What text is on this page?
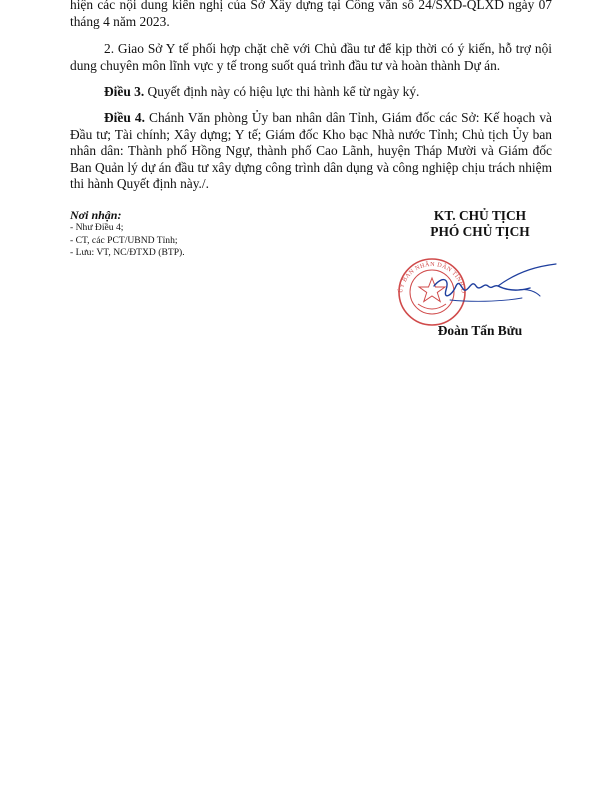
hiện các nội dung kiến nghị của Sở Xây dựng tại Công văn số 24/SXD-QLXD ngày 07 tháng 4 năm 2023.

2. Giao Sở Y tế phối hợp chặt chẽ với Chủ đầu tư để kịp thời có ý kiến, hỗ trợ nội dung chuyên môn lĩnh vực y tế trong suốt quá trình đầu tư và hoàn thành Dự án.

Điều 3. Quyết định này có hiệu lực thi hành kể từ ngày ký.

Điều 4. Chánh Văn phòng Ủy ban nhân dân Tỉnh, Giám đốc các Sở: Kế hoạch và Đầu tư; Tài chính; Xây dựng; Y tế; Giám đốc Kho bạc Nhà nước Tỉnh; Chủ tịch Ủy ban nhân dân: Thành phố Hồng Ngự, thành phố Cao Lãnh, huyện Tháp Mười và Giám đốc Ban Quản lý dự án đầu tư xây dựng công trình dân dụng và công nghiệp chịu trách nhiệm thi hành Quyết định này./.

Nơi nhận:
- Như Điều 4;
- CT, các PCT/UBND Tỉnh;
- Lưu: VT, NC/ĐTXD (BTP).
KT. CHỦ TỊCH
PHÓ CHỦ TỊCH
ỦY BAN NHÂN DÂN TỈNH Đ
Đoàn Tấn Bửu
